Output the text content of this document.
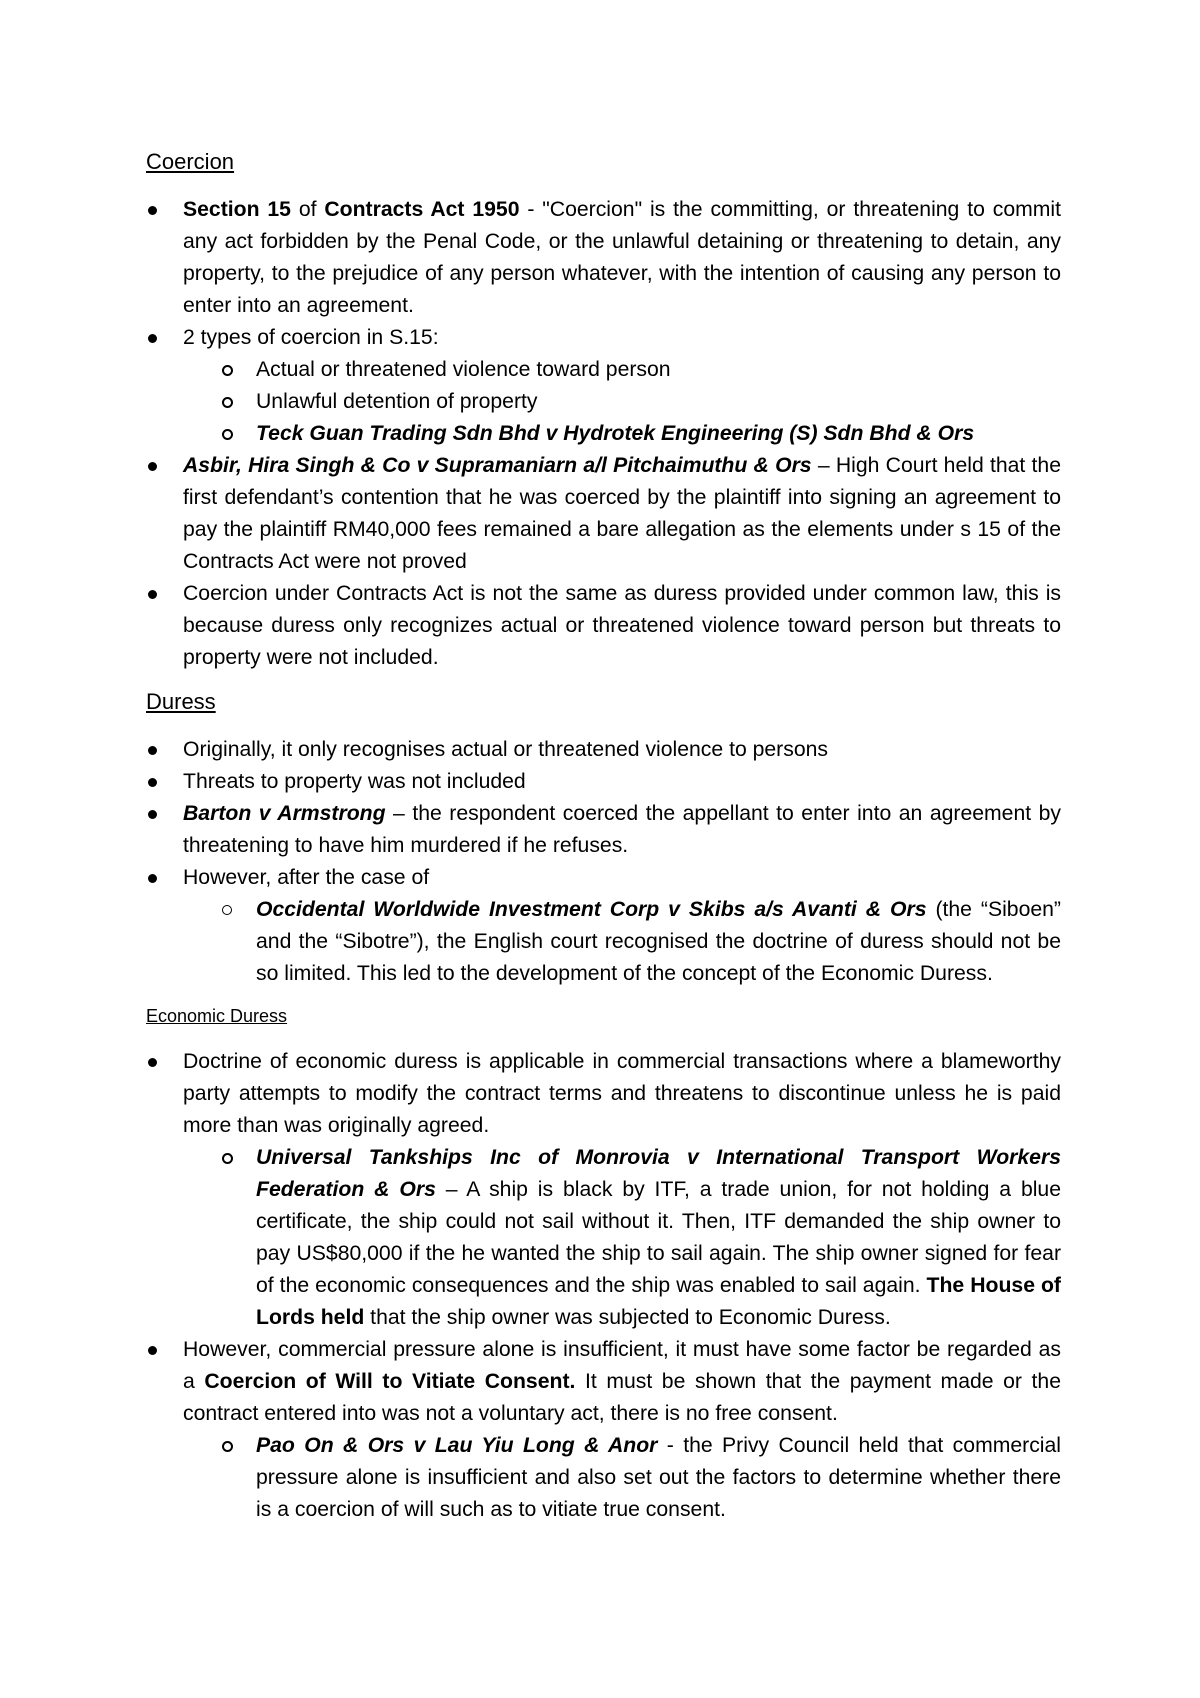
Coercion

Section 15 of Contracts Act 1950 - "Coercion" is the committing, or threatening to commit any act forbidden by the Penal Code, or the unlawful detaining or threatening to detain, any property, to the prejudice of any person whatever, with the intention of causing any person to enter into an agreement.
2 types of coercion in S.15:
Actual or threatened violence toward person
Unlawful detention of property
Teck Guan Trading Sdn Bhd v Hydrotek Engineering (S) Sdn Bhd & Ors
Asbir, Hira Singh & Co v Supramaniarn a/l Pitchaimuthu & Ors – High Court held that the first defendant’s contention that he was coerced by the plaintiff into signing an agreement to pay the plaintiff RM40,000 fees remained a bare allegation as the elements under s 15 of the Contracts Act were not proved
Coercion under Contracts Act is not the same as duress provided under common law, this is because duress only recognizes actual or threatened violence toward person but threats to property were not included.

Duress

Originally, it only recognises actual or threatened violence to persons
Threats to property was not included
Barton v Armstrong – the respondent coerced the appellant to enter into an agreement by threatening to have him murdered if he refuses.
However, after the case of
Occidental Worldwide Investment Corp v Skibs a/s Avanti & Ors (the “Siboen” and the “Sibotre”), the English court recognised the doctrine of duress should not be so limited. This led to the development of the concept of the Economic Duress.

Economic Duress

Doctrine of economic duress is applicable in commercial transactions where a blameworthy party attempts to modify the contract terms and threatens to discontinue unless he is paid more than was originally agreed.
Universal Tankships Inc of Monrovia v International Transport Workers Federation & Ors – A ship is black by ITF, a trade union, for not holding a blue certificate, the ship could not sail without it. Then, ITF demanded the ship owner to pay US$80,000 if the he wanted the ship to sail again. The ship owner signed for fear of the economic consequences and the ship was enabled to sail again. The House of Lords held that the ship owner was subjected to Economic Duress.
However, commercial pressure alone is insufficient, it must have some factor be regarded as a Coercion of Will to Vitiate Consent. It must be shown that the payment made or the contract entered into was not a voluntary act, there is no free consent.
Pao On & Ors v Lau Yiu Long & Anor - the Privy Council held that commercial pressure alone is insufficient and also set out the factors to determine whether there is a coercion of will such as to vitiate true consent.
